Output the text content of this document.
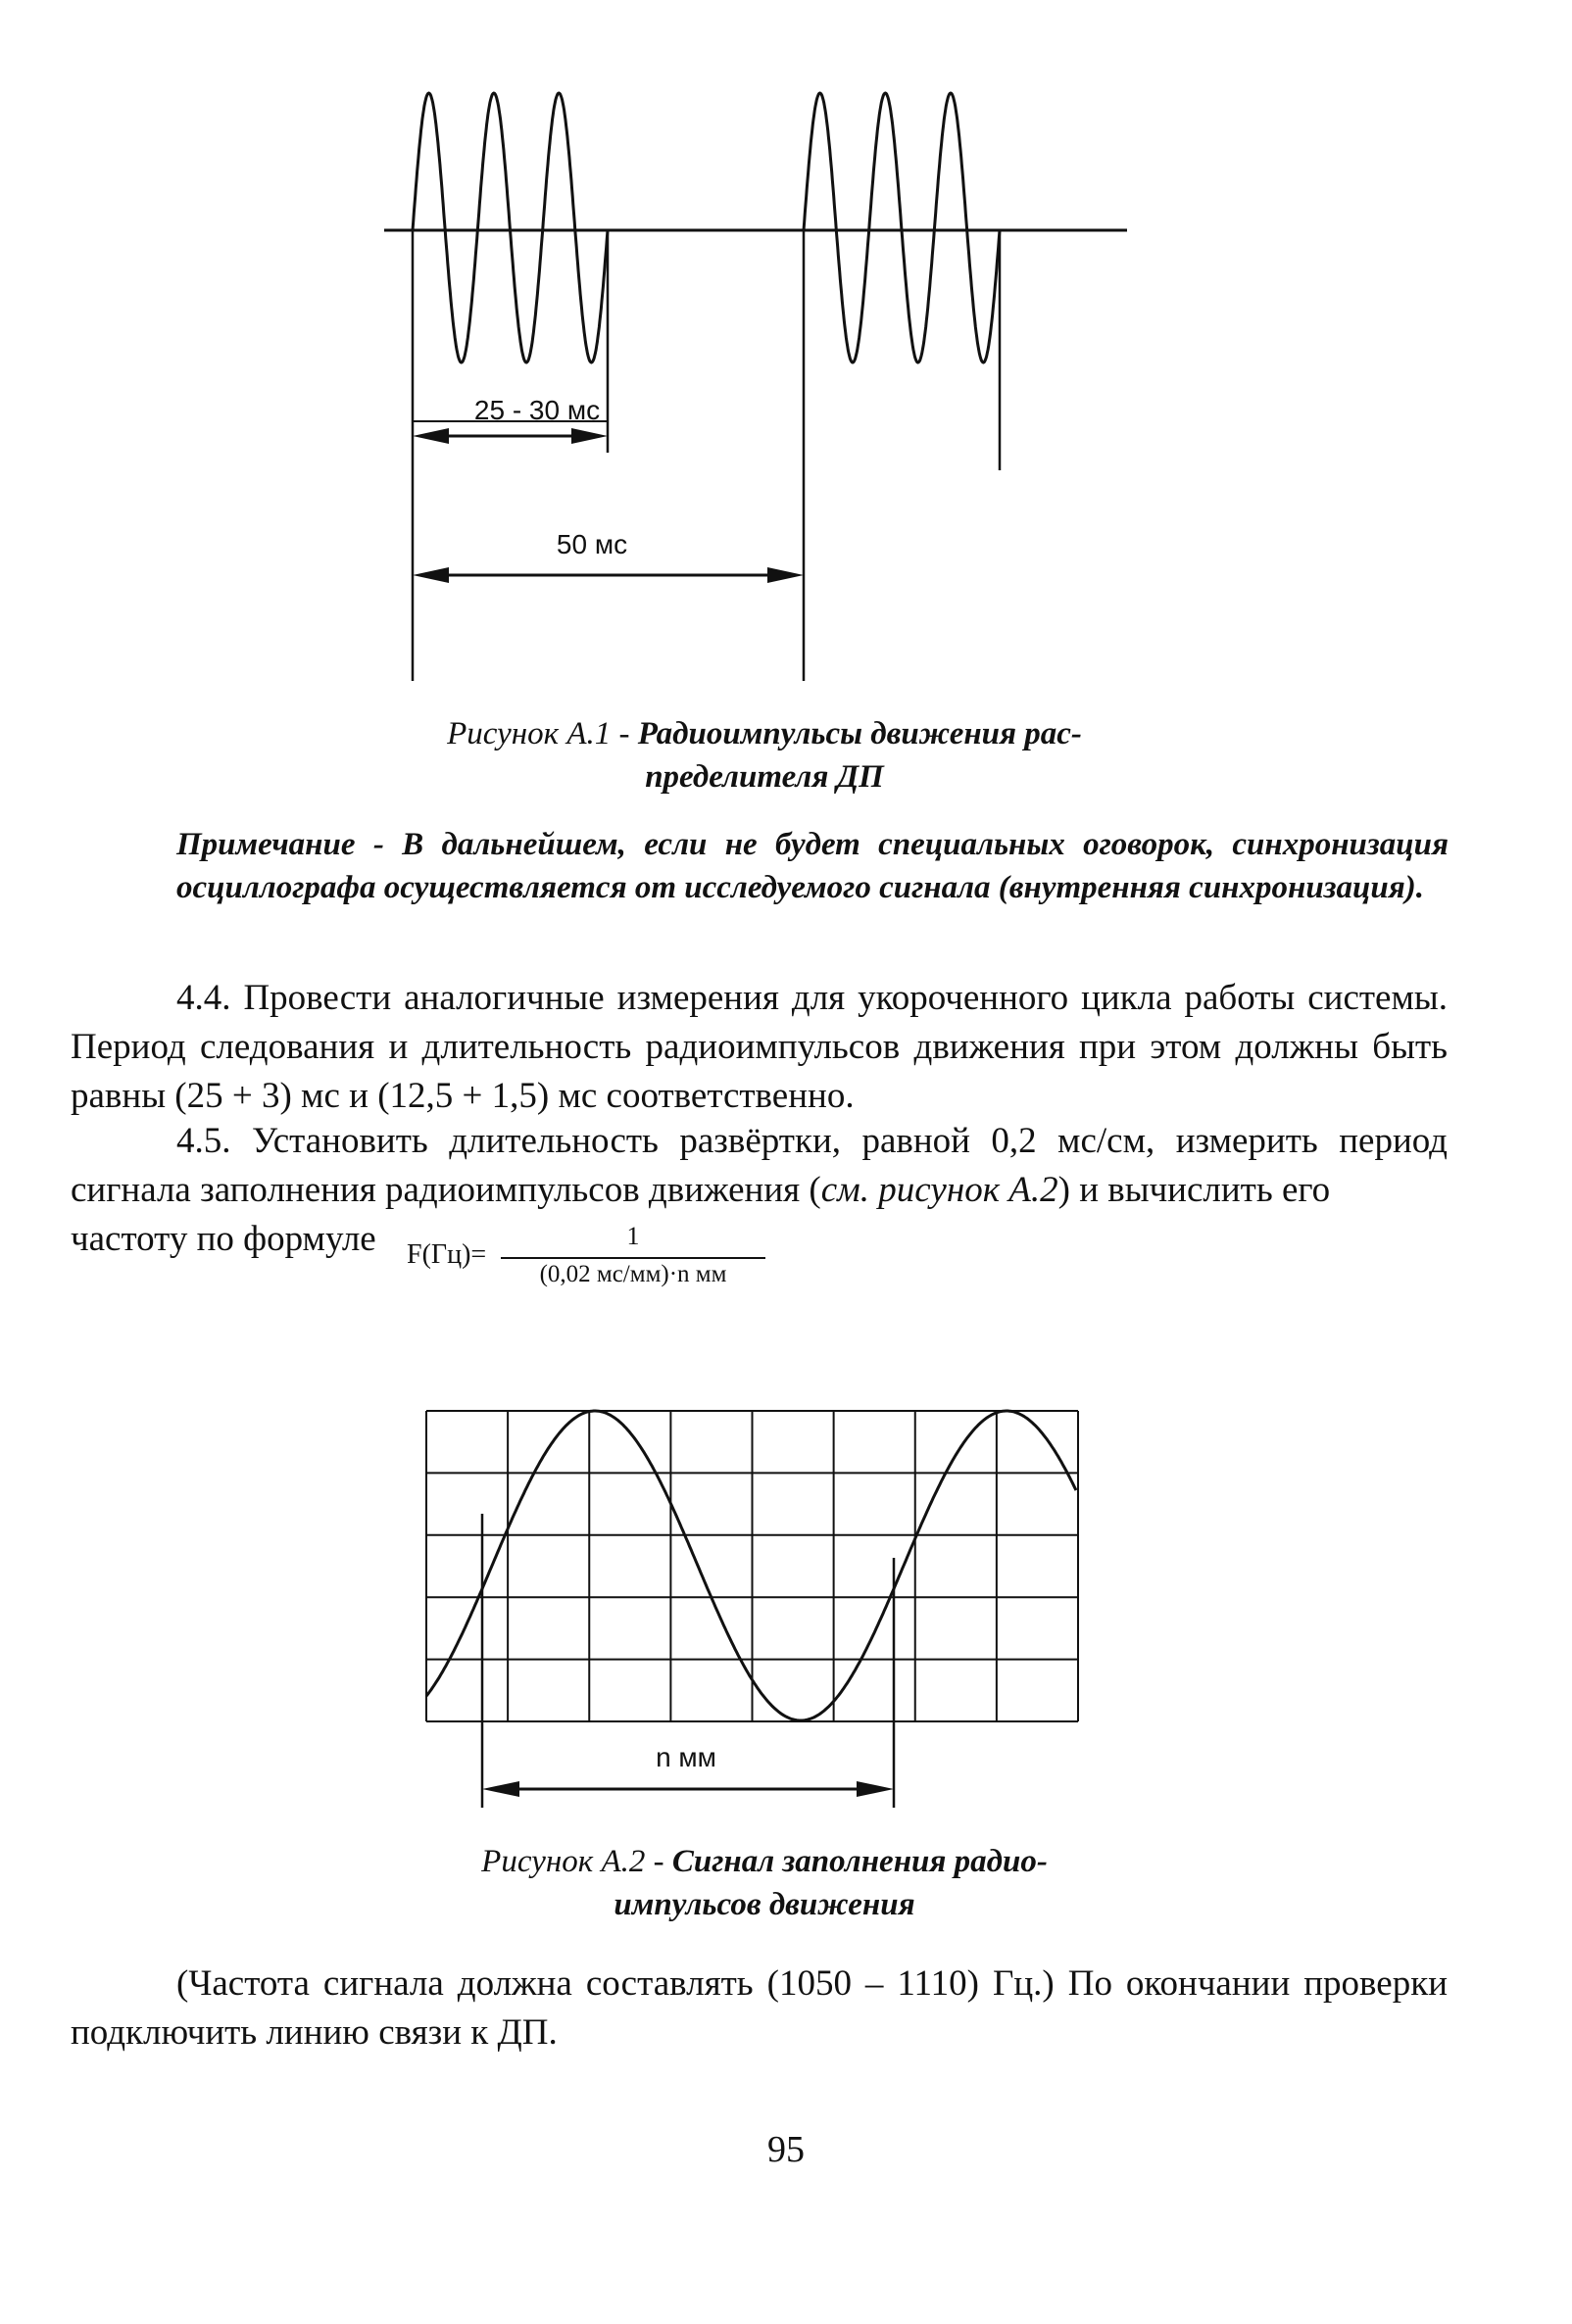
25 - 30 мс
50 мс
Рисунок А.1 - Радиоимпульсы движения рас-
пределителя ДП
Примечание - В дальнейшем, если не будет специальных оговорок, синхронизация осциллографа осуществляется от исследуемого сигнала (внутренняя синхронизация).
4.4. Провести аналогичные измерения для укороченного цикла работы системы. Период следования и длительность радиоимпульсов движения при этом должны быть равны (25 + 3) мс и (12,5 + 1,5) мс соответственно.
4.5. Установить длительность развёртки, равной 0,2 мс/см, измерить период сигнала заполнения радиоимпульсов движения (см. рисунок А.2) и вычислить его
частоту по формуле F(Гц)=
1
(0,02 мс/мм)·n мм
n мм
Рисунок А.2 - Сигнал заполнения радио-
импульсов движения
(Частота сигнала должна составлять (1050 – 1110) Гц.) По окончании проверки подключить линию связи к ДП.
95
